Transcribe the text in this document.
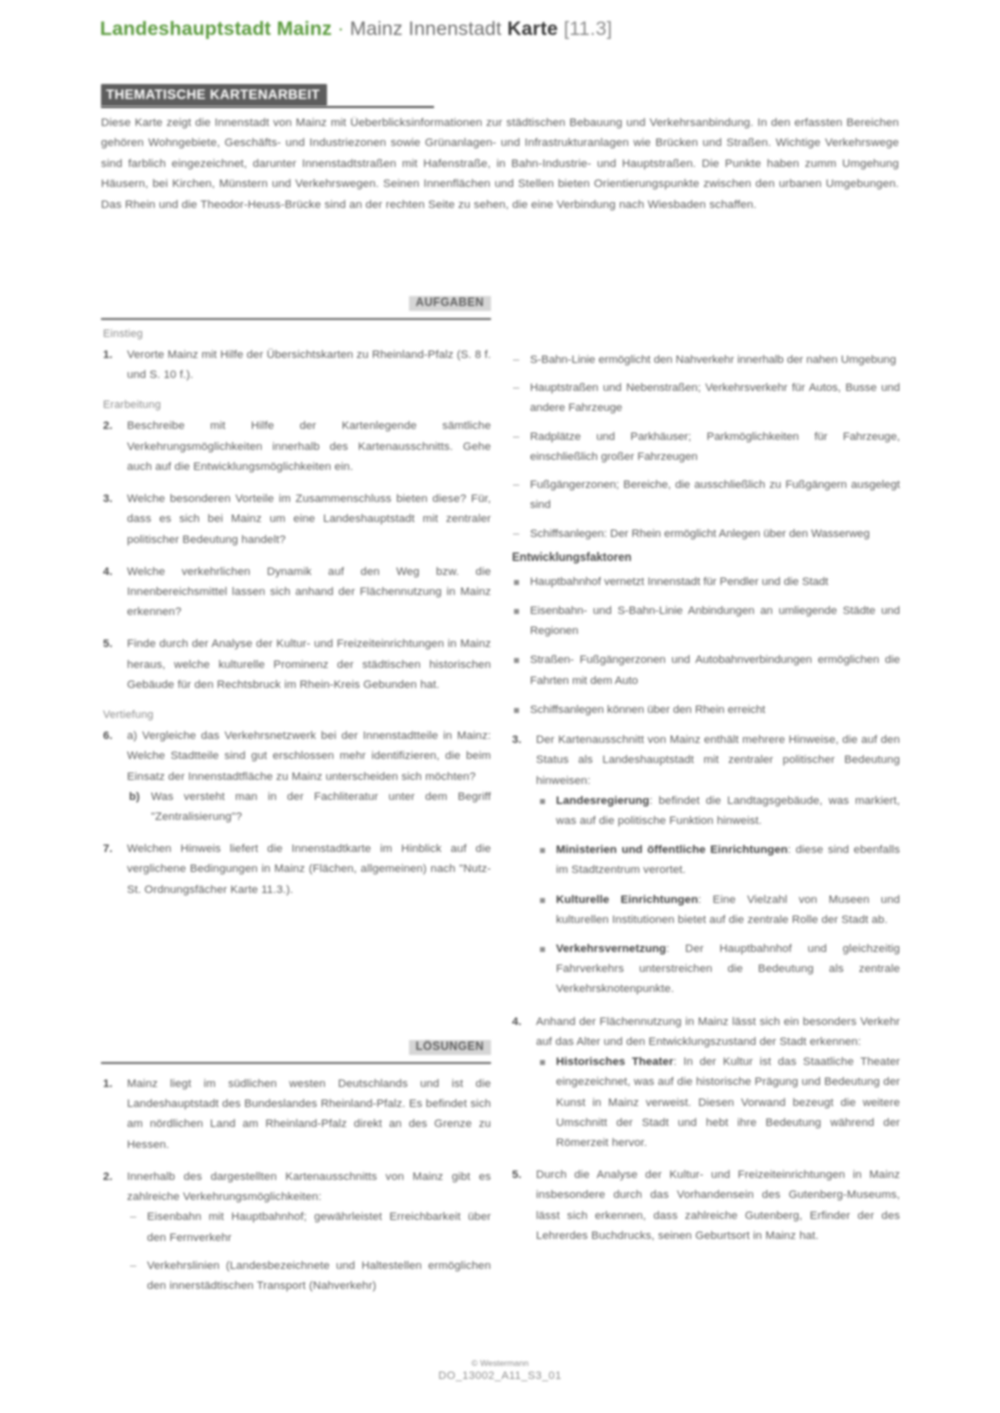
Landeshauptstadt Mainz · Mainz Innenstadt Karte [11.3]
THEMATISCHE KARTENARBEIT
Diese Karte zeigt die Innenstadt von Mainz mit Üeberblicksinformationen zur städtischen Bebauung und Verkehrsanbindung. In den erfassten Bereichen gehören Wohngebiete, Geschäfts- und Industriezonen sowie Grünanlagen- und Infrastrukturanlagen wie Brücken und Straßen. Wichtige Verkehrswege sind farblich eingezeichnet, darunter Innenstadtstraßen mit Hafenstraße, in Bahn-Industrie- und Hauptstraßen. Die Punkte haben zumm Umgehung Häusern, bei Kirchen, Münstern und Verkehrswegen. Seinen Innenflächen und Stellen bieten Orientierungspunkte zwischen den urbanen Umgebungen. Das Rhein und die Theodor-Heuss-Brücke sind an der rechten Seite zu sehen, die eine Verbindung nach Wiesbaden schaffen.
AUFGABEN
Einstieg
1. Verorte Mainz mit Hilfe der Übersichtskarten zu Rheinland-Pfalz (S. 8 f. und S. 10 f.).
Erarbeitung
2. Beschreibe mit Hilfe der Kartenlegende sämtliche Verkehrungsmöglichkeiten innerhalb des Kartenausschnitts. Gehe auch auf die Entwicklungsmöglichkeiten ein.
3. Welche besonderen Vorteile im Zusammenschluss bieten diese? Für, dass es sich bei Mainz um eine Landeshauptstadt mit zentraler politischer Bedeutung handelt?
4. Welche verkehrlichen Dynamik auf den Weg bzw. die Innenbereichsmittel lassen sich anhand der Flächennutzung in Mainz erkennen?
5. Finde durch der Analyse der Kultur- und Freizeiteinrichtungen in Mainz heraus, welche kulturelle Prominenz der städtischen historischen Gebäude für den Rechtsbruck im Rhein-Kreis Gebunden hat.
Vertiefung
6. a) Vergleiche das Verkehrsnetzwerk bei der Innenstadtteile in Mainz: Welche Stadtteile sind gut erschlossen mehr identifizieren, die beim Einsatz der Innenstadtfläche zu Mainz unterscheiden sich möchten?
b) Was versteht man in der Fachliteratur unter dem Begriff "Zentralisierung"?
7. Welchen Hinweis liefert die Innenstadtkarte im Hinblick auf die verglichene Bedingungen in Mainz (Flächen, allgemeinen) nach "Nutz- St. Ordnungsfächer Karte 11.3.).
LÖSUNGEN
1. Mainz liegt im südlichen westen Deutschlands und ist die Landeshauptstadt des Bundeslandes Rheinland-Pfalz. Es befindet sich am nördlichen Land am Rheinland-Pfalz direkt an des Grenze zu Hessen.
2. Innerhalb des dargestellten Kartenausschnitts von Mainz gibt es zahlreiche Verkehrungsmöglichkeiten:
– Eisenbahn mit Hauptbahnhof; gewährleistet Erreichbarkeit über den Fernverkehr
– Verkehrslinien (Landesbezeichnete und Haltestellen ermöglichen den innerstädtischen Transport (Nahverkehr)
– S-Bahn-Linie ermöglicht den Nahverkehr innerhalb der nahen Umgebung
– Hauptstraßen und Nebenstraßen; Verkehrsverkehr für Autos, Busse und andere Fahrzeuge
– Radplätze und Parkhäuser; Parkmöglichkeiten für Fahrzeuge, einschließlich großer Fahrzeugen
– Fußgängerzonen; Bereiche, die ausschließlich zu Fußgängern ausgelegt sind
– Schiffsanlegen: Der Rhein ermöglicht Anlegen über den Wasserweg
Entwicklungsfaktoren
Hauptbahnhof vernetzt Innenstadt für Pendler und die Stadt
Eisenbahn- und S-Bahn-Linie Anbindungen an umliegende Städte und Regionen
Straßen- Fußgängerzonen und Autobahnverbindungen ermöglichen die Fahrten mit dem Auto
Schiffsanlegen können über den Rhein erreicht
3. Der Kartenausschnitt von Mainz enthält mehrere Hinweise, die auf den Status als Landeshauptstadt mit zentraler politischer Bedeutung hinweisen:
Landesregierung: befindet die Landtagsgebäude, was markiert, was auf die politische Funktion hinweist.
Ministerien und öffentliche Einrichtungen: diese sind ebenfalls im Stadtzentrum verortet.
Kulturelle Einrichtungen: Eine Vielzahl von Museen und kulturellen Institutionen bietet auf die zentrale Rolle der Stadt ab.
Verkehrsvernetzung: Der Hauptbahnhof und gleichzeitig Fahrverkehrs unterstreichen die Bedeutung als zentrale Verkehrsknotenpunkte.
4. Anhand der Flächennutzung in Mainz lässt sich ein besonders Verkehr auf das Alter und den Entwicklungszustand der Stadt erkennen:
Historisches Theater: In der Kultur ist das Staatliche Theater eingezeichnet, was auf die historische Prägung und Bedeutung der Kunst in Mainz verweist. Diesen Vorwand bezeugt die weitere Umschnitt der Stadt und hebt ihre Bedeutung während der Römerzeit hervor.
5. Durch die Analyse der Kultur- und Freizeiteinrichtungen in Mainz insbesondere durch das Vorhandensein des Gutenberg-Museums, lässt sich erkennen, dass zahlreiche Gutenberg, Erfinder der des Lehrerdes Buchdrucks, seinen Geburtsort in Mainz hat.
© Westermann
DO_13002_A11_S3_01
